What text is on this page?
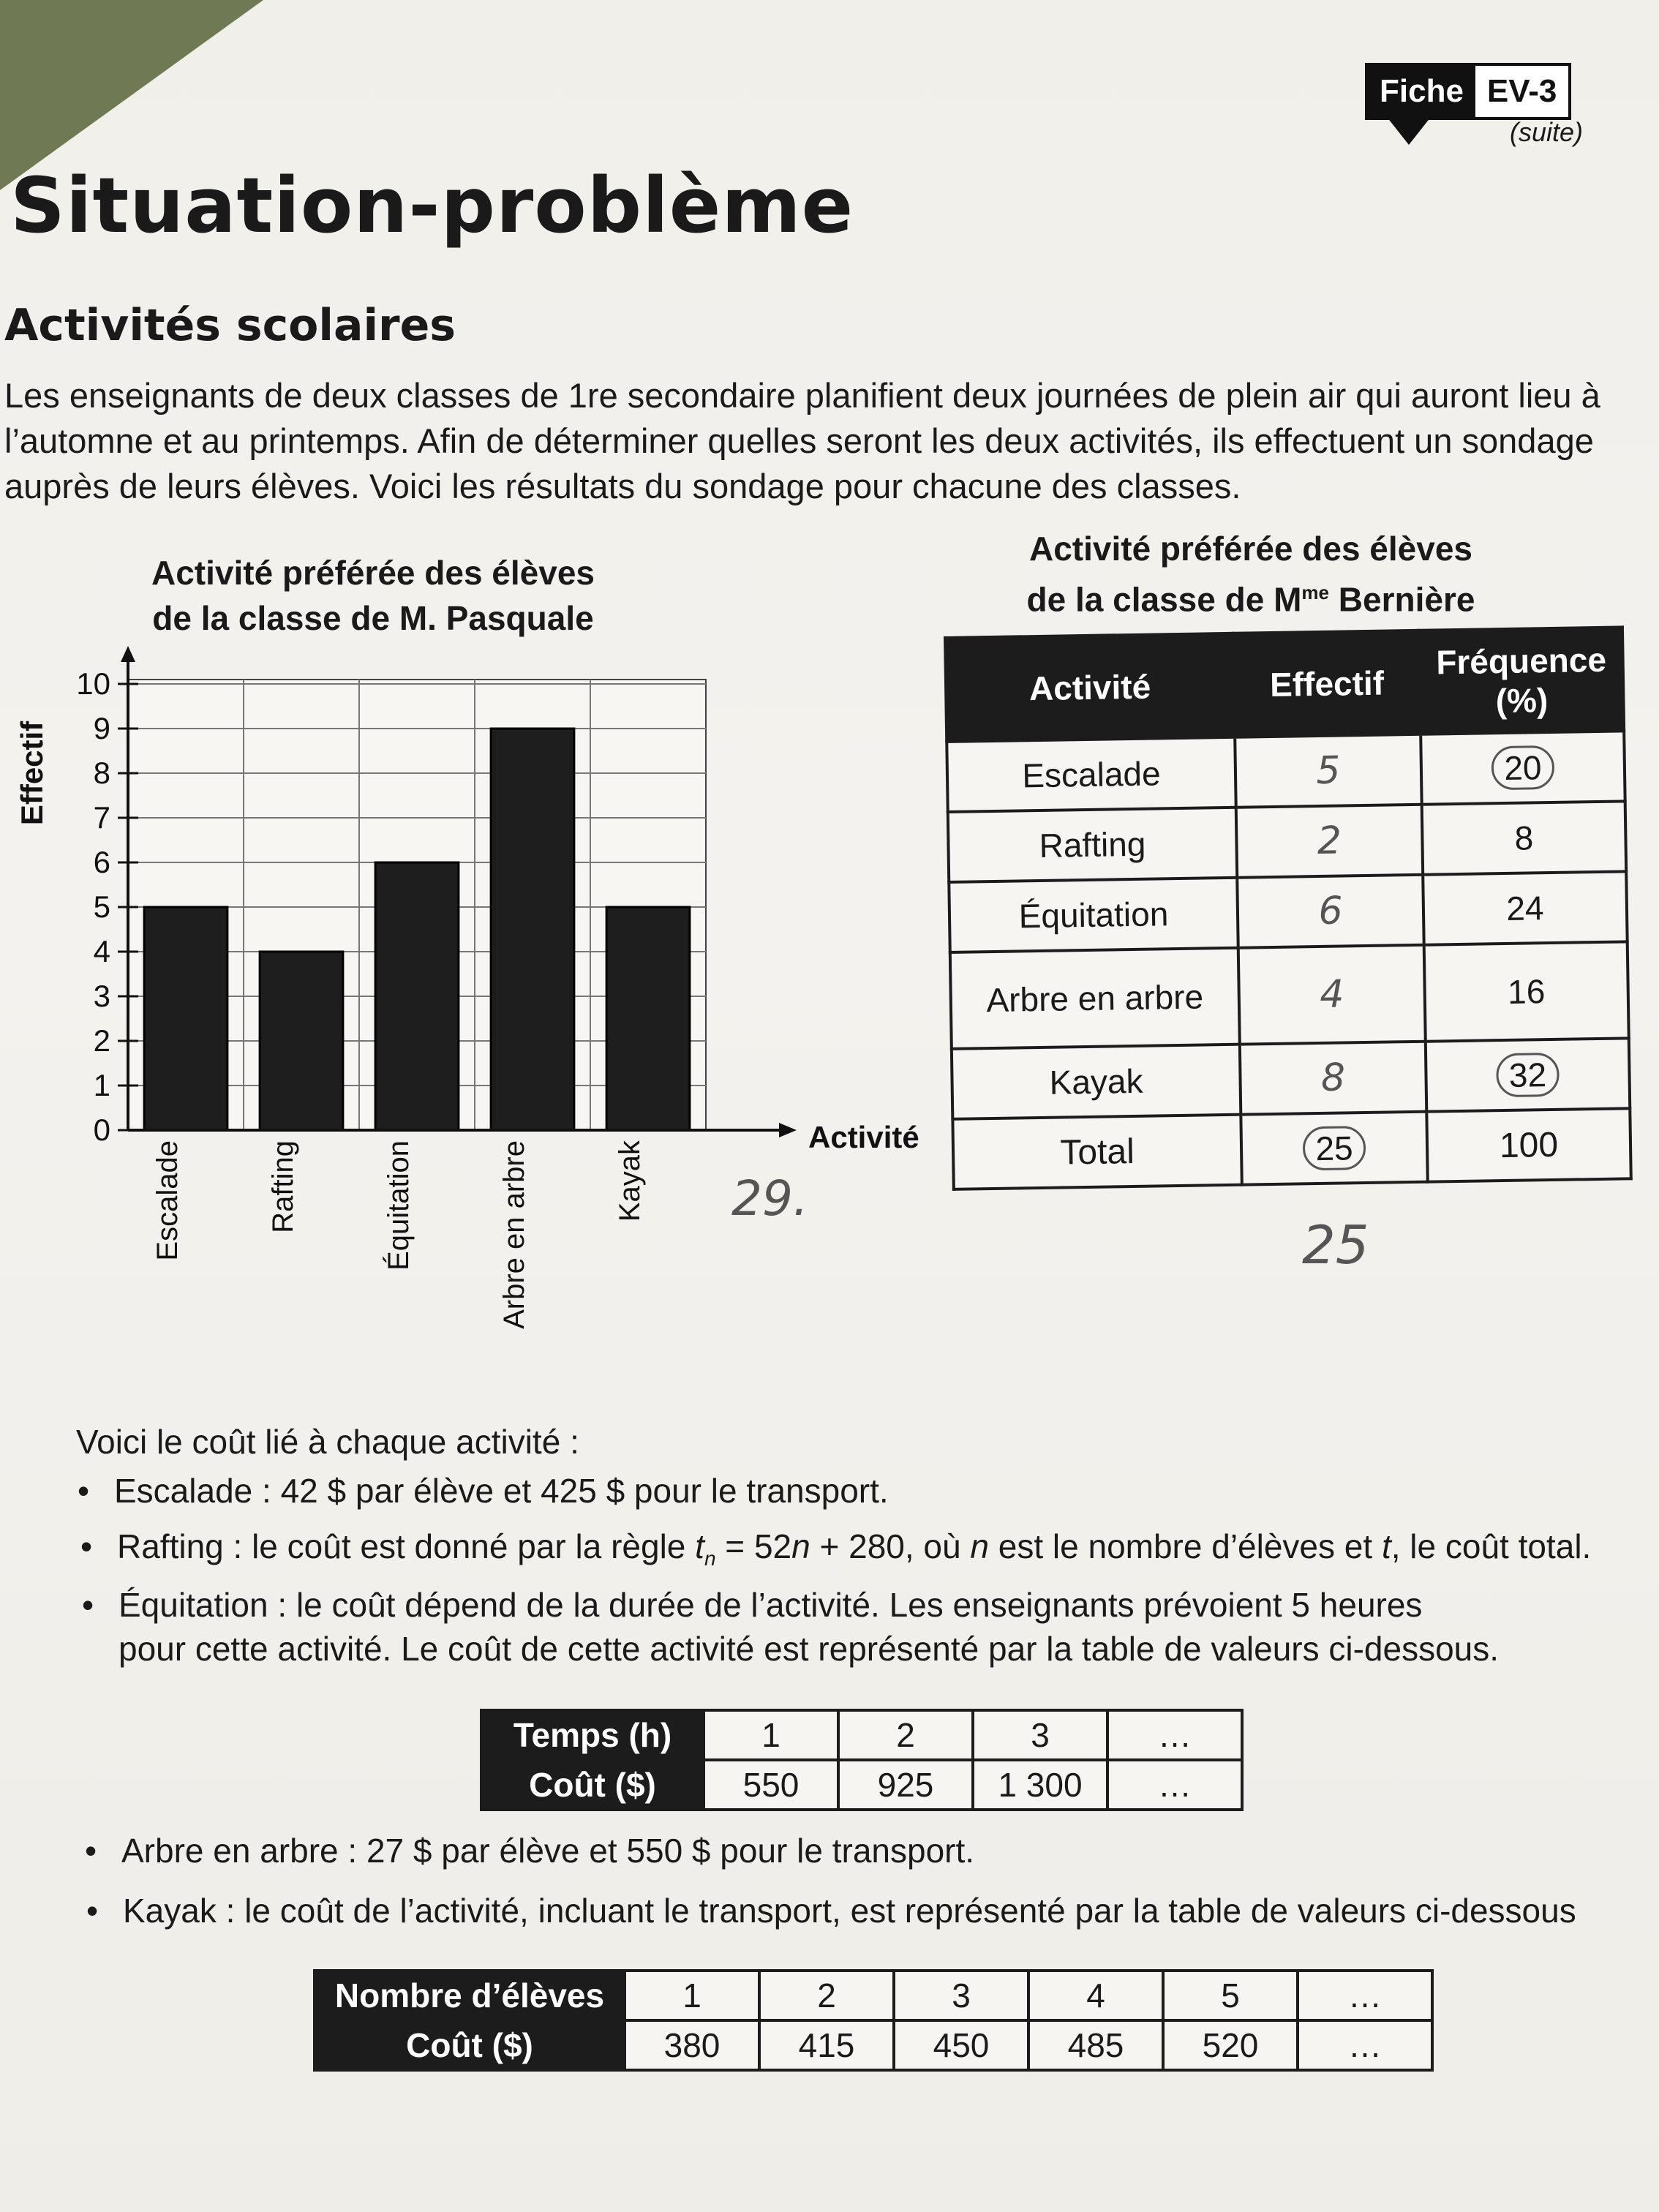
Fiche EV-3
(suite)
Situation-problème
Activités scolaires
Les enseignants de deux classes de 1re secondaire planifient deux journées de plein air qui auront lieu à l’automne et au printemps. Afin de déterminer quelles seront les deux activités, ils effectuent un sondage auprès de leurs élèves. Voici les résultats du sondage pour chacune des classes.
Activité préférée des élèves
de la classe de M. Pasquale
0
1
2
3
4
5
6
7
8
9
10
Effectif
Activité
Escalade	Rafting	Équitation	Arbre en arbre	Kayak 29.
Activité préférée des élèves
de la classe de $M^{me}$ Bernière
Activité	Effectif	Fréquence (%)
Escalade	5	20
Rafting	2	8
Équitation	6	24
Arbre en arbre	4	16
Kayak	8	32
Total	25	100
25
Voici le coût lié à chaque activité :
• Escalade : 42 $ par élève et 425 $ pour le transport.
• Rafting : le coût est donné par la règle $t_n = 52n + 280$, où n est le nombre d’élèves et t, le coût total.
• Équitation : le coût dépend de la durée de l’activité. Les enseignants prévoient 5 heures
pour cette activité. Le coût de cette activité est représenté par la table de valeurs ci-dessous.
Temps (h)	1	2	3	…
Coût ($)	550	925	1 300	…
• Arbre en arbre : 27 $ par élève et 550 $ pour le transport.
• Kayak : le coût de l’activité, incluant le transport, est représenté par la table de valeurs ci-dessous
Nombre d’élèves	1	2	3	4	5	…
Coût ($)	380	415	450	485	520	…
